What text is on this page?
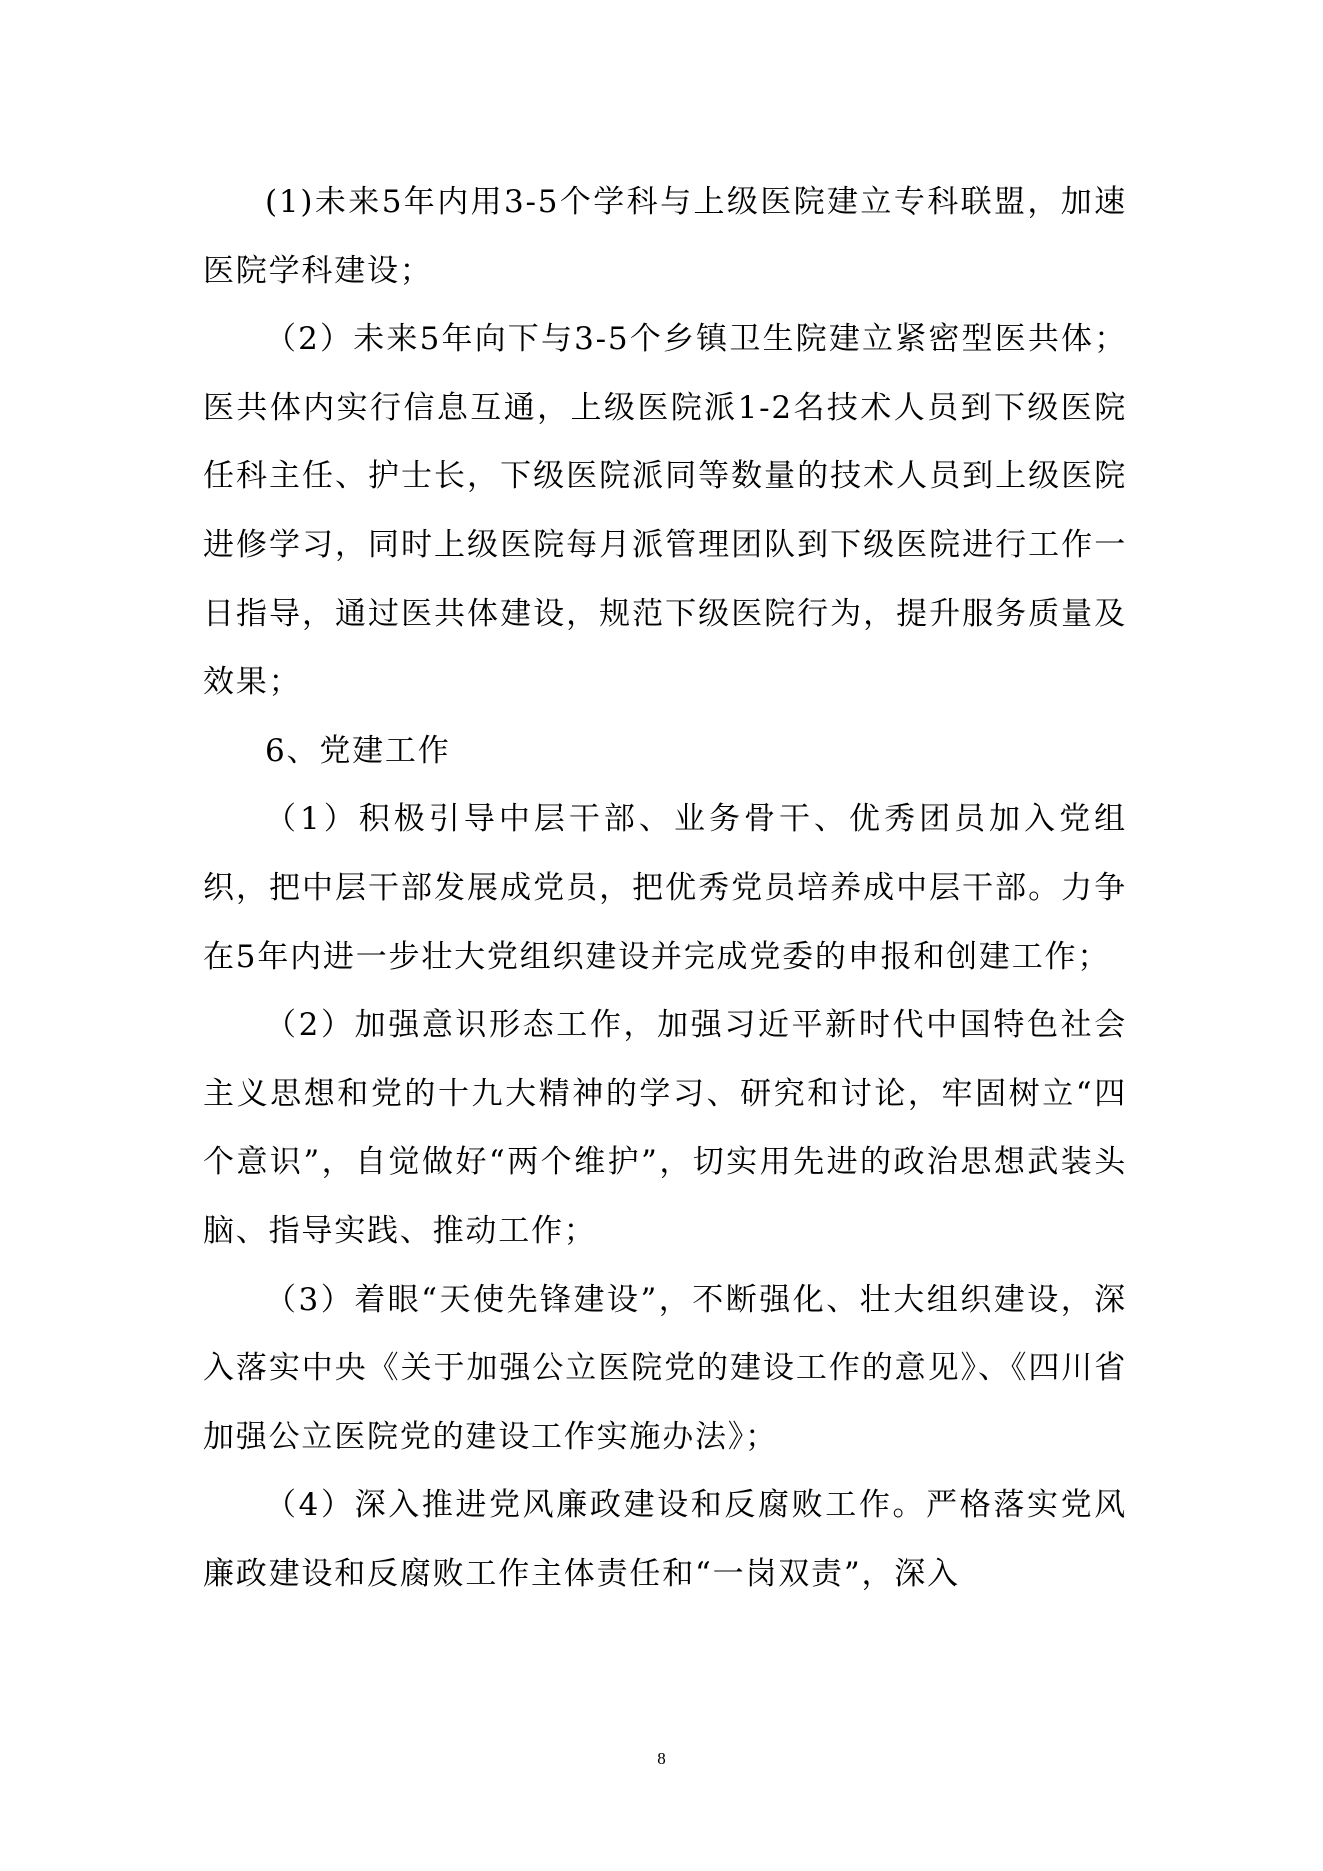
(1)未来5年内用3-5个学科与上级医院建立专科联盟，加速医院学科建设；

（2）未来5年向下与3-5个乡镇卫生院建立紧密型医共体；医共体内实行信息互通，上级医院派1-2名技术人员到下级医院任科主任、护士长，下级医院派同等数量的技术人员到上级医院进修学习，同时上级医院每月派管理团队到下级医院进行工作一日指导，通过医共体建设，规范下级医院行为，提升服务质量及效果；

6、党建工作

（1）积极引导中层干部、业务骨干、优秀团员加入党组织，把中层干部发展成党员，把优秀党员培养成中层干部。力争在5年内进一步壮大党组织建设并完成党委的申报和创建工作；

（2）加强意识形态工作，加强习近平新时代中国特色社会主义思想和党的十九大精神的学习、研究和讨论，牢固树立“四个意识”，自觉做好“两个维护”，切实用先进的政治思想武装头脑、指导实践、推动工作；

（3）着眼“天使先锋建设”，不断强化、壮大组织建设，深入落实中央《关于加强公立医院党的建设工作的意见》、《四川省加强公立医院党的建设工作实施办法》；

（4）深入推进党风廉政建设和反腐败工作。严格落实党风廉政建设和反腐败工作主体责任和“一岗双责”，深入

8
